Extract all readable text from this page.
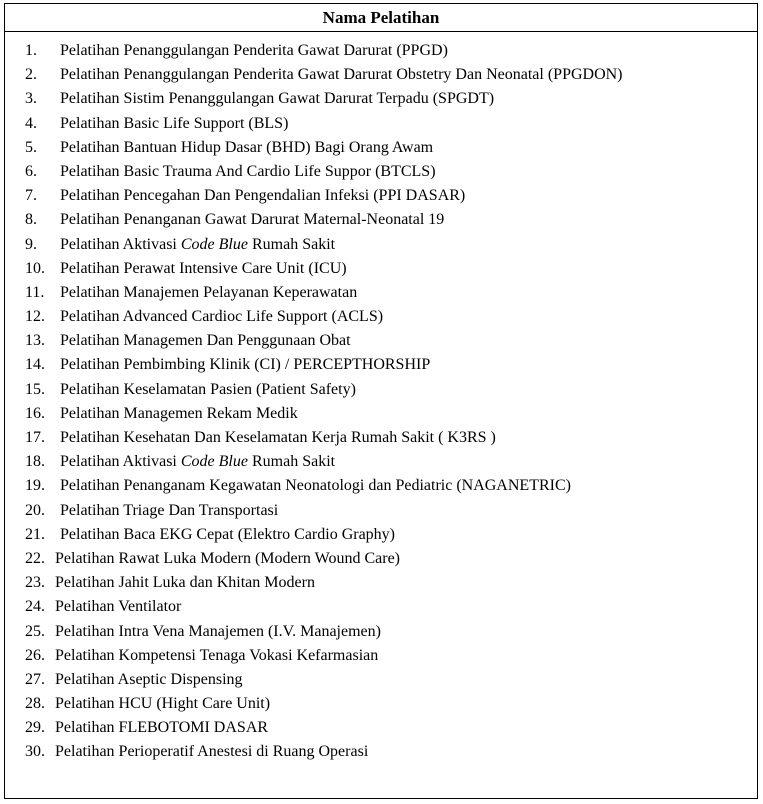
Nama Pelatihan
1. Pelatihan Penanggulangan Penderita Gawat Darurat (PPGD)
2. Pelatihan Penanggulangan Penderita Gawat Darurat Obstetry Dan Neonatal (PPGDON)
3. Pelatihan Sistim Penanggulangan Gawat Darurat Terpadu (SPGDT)
4. Pelatihan Basic Life Support (BLS)
5. Pelatihan Bantuan Hidup Dasar (BHD) Bagi Orang Awam
6. Pelatihan Basic Trauma And Cardio Life Suppor (BTCLS)
7. Pelatihan Pencegahan Dan Pengendalian Infeksi (PPI DASAR)
8. Pelatihan Penanganan Gawat Darurat Maternal-Neonatal 19
9. Pelatihan Aktivasi Code Blue Rumah Sakit
10. Pelatihan Perawat Intensive Care Unit (ICU)
11. Pelatihan Manajemen Pelayanan Keperawatan
12. Pelatihan Advanced Cardioc Life Support (ACLS)
13. Pelatihan Managemen Dan Penggunaan Obat
14. Pelatihan Pembimbing Klinik (CI) / PERCEPTHORSHIP
15. Pelatihan Keselamatan Pasien (Patient Safety)
16. Pelatihan Managemen Rekam Medik
17. Pelatihan Kesehatan Dan Keselamatan Kerja Rumah Sakit ( K3RS )
18. Pelatihan Aktivasi Code Blue Rumah Sakit
19. Pelatihan Penanganam Kegawatan Neonatologi dan Pediatric (NAGANETRIC)
20. Pelatihan Triage Dan Transportasi
21. Pelatihan Baca EKG Cepat (Elektro Cardio Graphy)
22. Pelatihan Rawat Luka Modern (Modern Wound Care)
23. Pelatihan Jahit Luka dan Khitan Modern
24. Pelatihan Ventilator
25. Pelatihan Intra Vena Manajemen (I.V. Manajemen)
26. Pelatihan Kompetensi Tenaga Vokasi Kefarmasian
27. Pelatihan Aseptic Dispensing
28. Pelatihan HCU (Hight Care Unit)
29. Pelatihan FLEBOTOMI DASAR
30. Pelatihan Perioperatif Anestesi di Ruang Operasi
